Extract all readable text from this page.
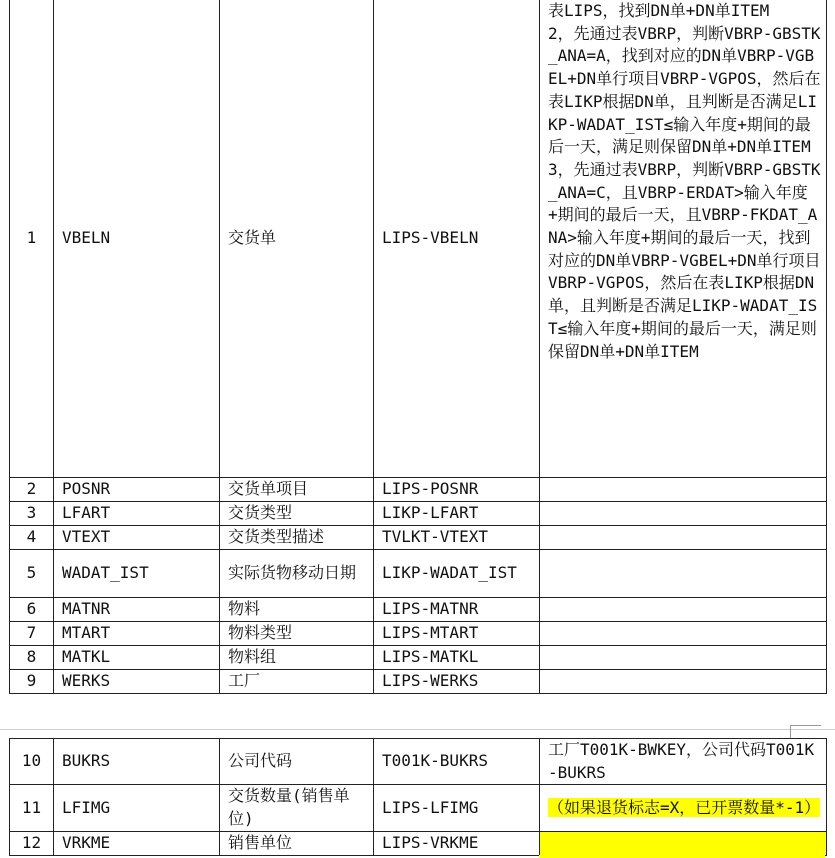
1	VBELN	交货单	LIPS-VBELN	表LIPS，找到DN单+DN单ITEM
2，先通过表VBRP，判断VBRP-GBSTK_ANA=A，找到对应的DN单VBRP-VGBEL+DN单行项目VBRP-VGPOS，然后在表LIKP根据DN单，且判断是否满足LIKP-WADAT_IST≤输入年度+期间的最后一天，满足则保留DN单+DN单ITEM
3，先通过表VBRP，判断VBRP-GBSTK_ANA=C，且VBRP-ERDAT>输入年度+期间的最后一天，且VBRP-FKDAT_ANA>输入年度+期间的最后一天，找到对应的DN单VBRP-VGBEL+DN单行项目VBRP-VGPOS，然后在表LIKP根据DN单，且判断是否满足LIKP-WADAT_IST≤输入年度+期间的最后一天，满足则保留DN单+DN单ITEM
2	POSNR	交货单项目	LIPS-POSNR	
3	LFART	交货类型	LIKP-LFART	
4	VTEXT	交货类型描述	TVLKT-VTEXT	
5	WADAT_IST	实际货物移动日期	LIKP-WADAT_IST	
6	MATNR	物料	LIPS-MATNR	
7	MTART	物料类型	LIPS-MTART	
8	MATKL	物料组	LIPS-MATKL	
9	WERKS	工厂	LIPS-WERKS	
10	BUKRS	公司代码	T001K-BUKRS	工厂T001K-BWKEY，公司代码T001K-BUKRS
11	LFIMG	交货数量(销售单位)	LIPS-LFIMG	（如果退货标志=X，已开票数量*-1）
12	VRKME	销售单位	LIPS-VRKME	
